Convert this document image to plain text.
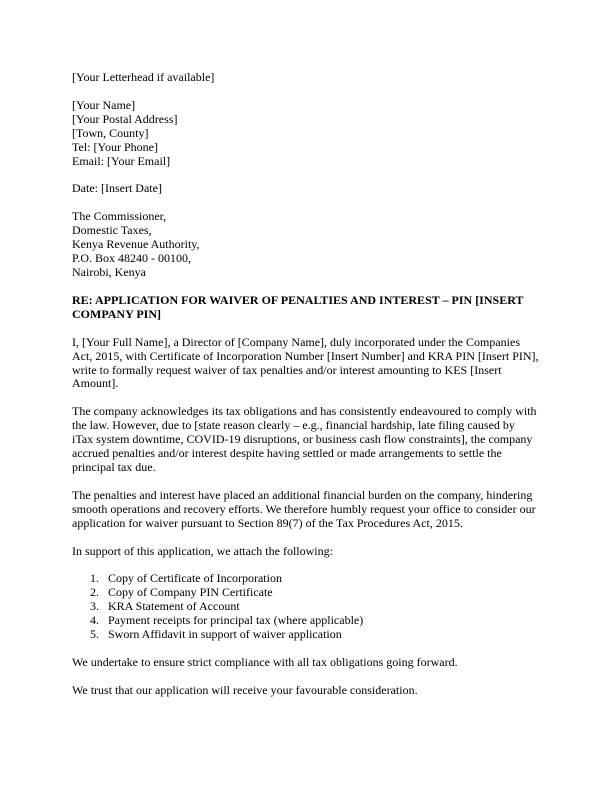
[Your Letterhead if available]
[Your Name]
[Your Postal Address]
[Town, County]
Tel: [Your Phone]
Email: [Your Email]
Date: [Insert Date]
The Commissioner,
Domestic Taxes,
Kenya Revenue Authority,
P.O. Box 48240 - 00100,
Nairobi, Kenya
RE: APPLICATION FOR WAIVER OF PENALTIES AND INTEREST – PIN [INSERT
COMPANY PIN]

I, [Your Full Name], a Director of [Company Name], duly incorporated under the Companies
Act, 2015, with Certificate of Incorporation Number [Insert Number] and KRA PIN [Insert PIN],
write to formally request waiver of tax penalties and/or interest amounting to KES [Insert
Amount].

The company acknowledges its tax obligations and has consistently endeavoured to comply with
the law. However, due to [state reason clearly – e.g., financial hardship, late filing caused by
iTax system downtime, COVID-19 disruptions, or business cash flow constraints], the company
accrued penalties and/or interest despite having settled or made arrangements to settle the
principal tax due.

The penalties and interest have placed an additional financial burden on the company, hindering
smooth operations and recovery efforts. We therefore humbly request your office to consider our
application for waiver pursuant to Section 89(7) of the Tax Procedures Act, 2015.

In support of this application, we attach the following:
1. Copy of Certificate of Incorporation
2. Copy of Company PIN Certificate
3. KRA Statement of Account
4. Payment receipts for principal tax (where applicable)
5. Sworn Affidavit in support of waiver application
We undertake to ensure strict compliance with all tax obligations going forward.
We trust that our application will receive your favourable consideration.
